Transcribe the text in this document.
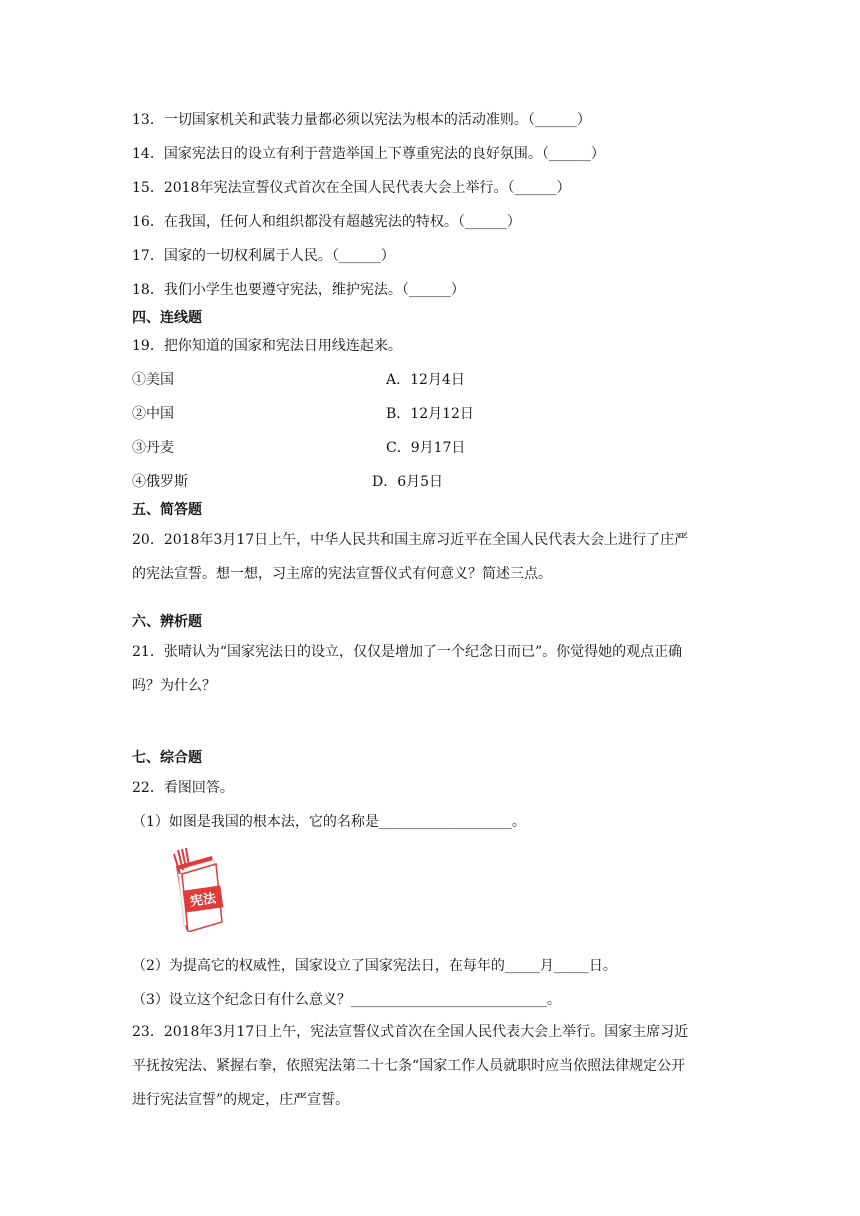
13．一切国家机关和武装力量都必须以宪法为根本的活动准则。（______）
14．国家宪法日的设立有利于营造举国上下尊重宪法的良好氛围。（______）
15．2018年宪法宣誓仪式首次在全国人民代表大会上举行。（______）
16．在我国，任何人和组织都没有超越宪法的特权。（______）
17．国家的一切权利属于人民。（______）
18．我们小学生也要遵守宪法，维护宪法。（______）
四、连线题
19．把你知道的国家和宪法日用线连起来。
①美国	A．12月4日
②中国	B．12月12日
③丹麦	C．9月17日
④俄罗斯	D．6月5日
五、简答题
20．2018年3月17日上午，中华人民共和国主席习近平在全国人民代表大会上进行了庄严
的宪法宣誓。想一想，习主席的宪法宣誓仪式有何意义？简述三点。
六、辨析题
21．张晴认为“国家宪法日的设立，仅仅是增加了一个纪念日而已”。你觉得她的观点正确
吗？为什么？
七、综合题
22．看图回答。
（1）如图是我国的根本法，它的名称是___________________。
宪法
（2）为提高它的权威性，国家设立了国家宪法日，在每年的_____月_____日。
（3）设立这个纪念日有什么意义？____________________________。
23．2018年3月17日上午，宪法宣誓仪式首次在全国人民代表大会上举行。国家主席习近
平抚按宪法、紧握右拳，依照宪法第二十七条“国家工作人员就职时应当依照法律规定公开
进行宪法宣誓”的规定，庄严宣誓。
